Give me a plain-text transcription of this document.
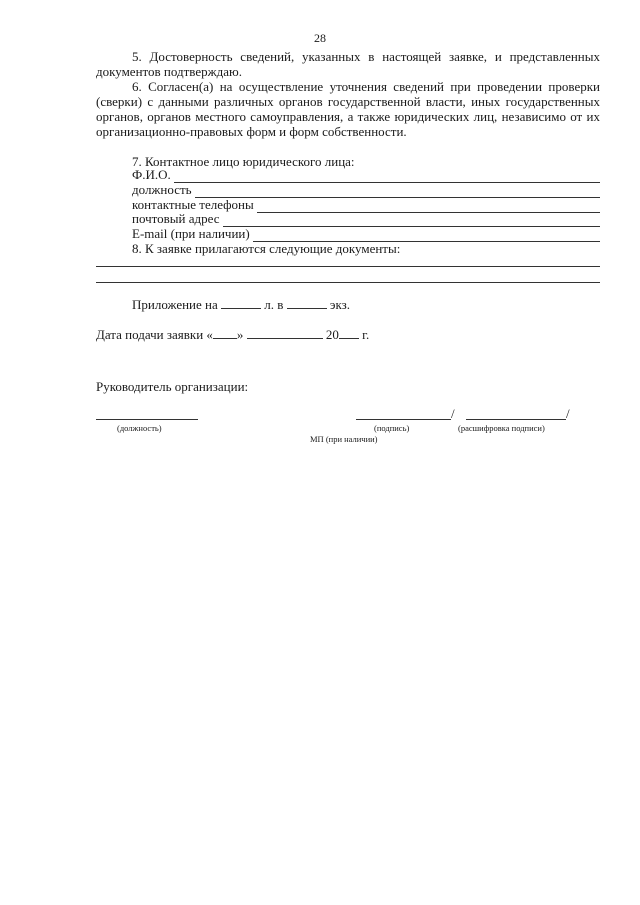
28

5. Достоверность сведений, указанных в настоящей заявке, и представленных документов подтверждаю.

6. Согласен(а) на осуществление уточнения сведений при проведении проверки (сверки) с данными различных органов государственной власти, иных государственных органов, органов местного самоуправления, а также юридических лиц, независимо от их организационно-правовых форм и форм собственности.

7. Контактное лицо юридического лица:

Ф.И.О.
должность
контактные телефоны
почтовый адрес
E-mail (при наличии)

8. К заявке прилагаются следующие документы:

Приложение на	л. в	экз.
Дата подачи заявки « »	20 г.

Руководитель организации:

(должность)
/	/
(подпись)	(расшифровка подписи)
МП (при наличии)
